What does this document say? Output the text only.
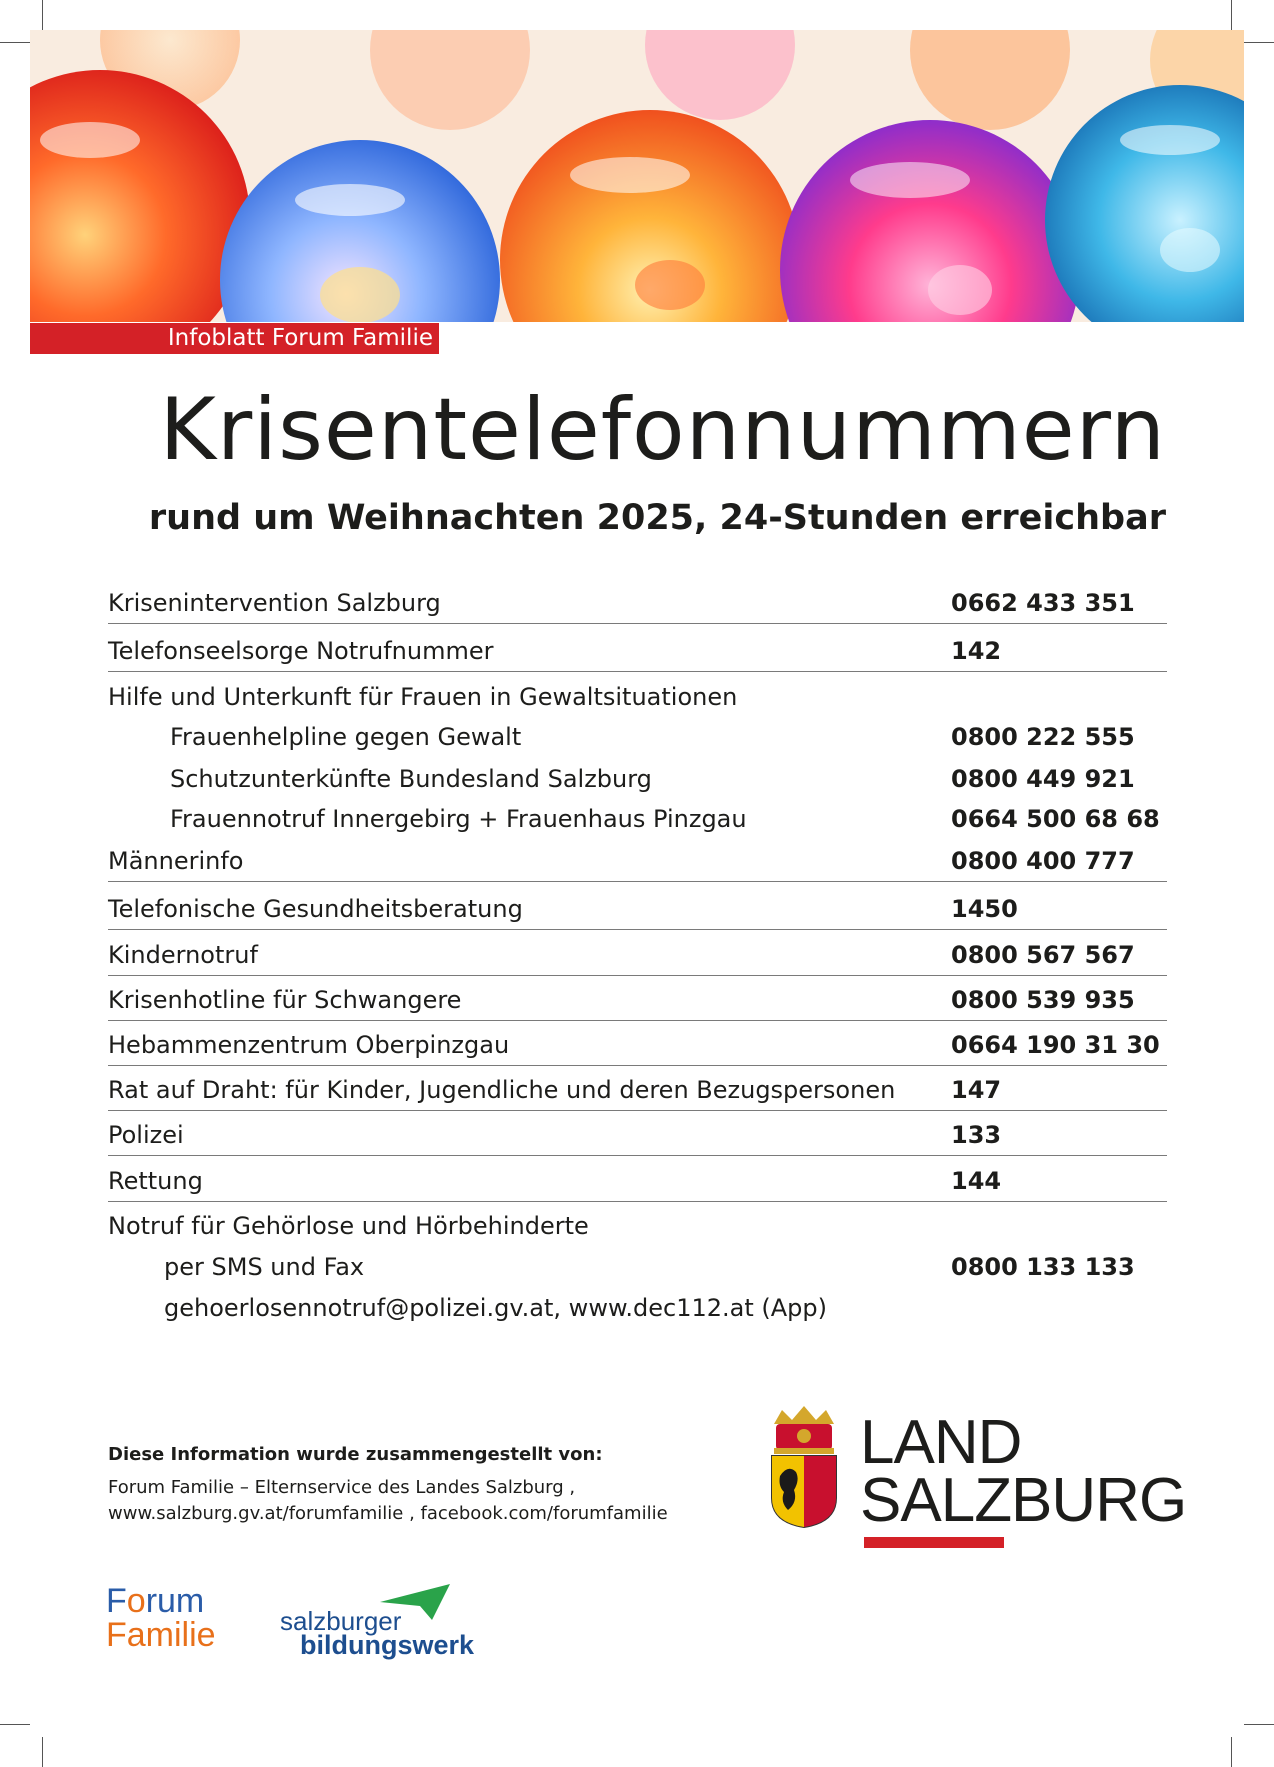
Infoblatt Forum Familie
Krisentelefonnummern
rund um Weihnachten 2025, 24-Stunden erreichbar
Krisenintervention Salzburg	0662 433 351
Telefonseelsorge Notrufnummer	142
Hilfe und Unterkunft für Frauen in Gewaltsituationen
Frauenhelpline gegen Gewalt	0800 222 555
Schutzunterkünfte Bundesland Salzburg	0800 449 921
Frauennotruf Innergebirg + Frauenhaus Pinzgau	0664 500 68 68
Männerinfo	0800 400 777
Telefonische Gesundheitsberatung	1450
Kindernotruf	0800 567 567
Krisenhotline für Schwangere	0800 539 935
Hebammenzentrum Oberpinzgau	0664 190 31 30
Rat auf Draht: für Kinder, Jugendliche und deren Bezugspersonen 147
Polizei	133
Rettung	144
Notruf für Gehörlose und Hörbehinderte
per SMS und Fax	0800 133 133
gehoerlosennotruf@polizei.gv.at, www.dec112.at (App)

Diese Information wurde zusammengestellt von:

Forum Familie – Elternservice des Landes Salzburg ,

www.salzburg.gv.at/forumfamilie , facebook.com/forumfamilie

LAND
SALZBURG
Forum
Familie salzburger
bildungswerk
